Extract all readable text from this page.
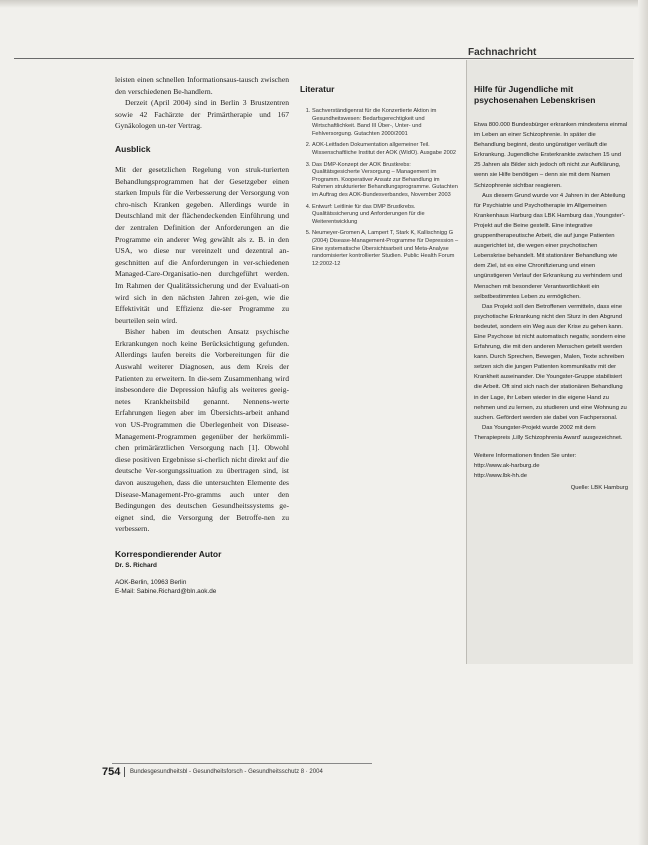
Fachnachricht

leisten einen schnellen Informationsaus-tausch zwischen den verschiedenen Be-handlern.

Derzeit (April 2004) sind in Berlin 3 Brustzentren sowie 42 Fachärzte der Primärtherapie und 167 Gynäkologen un-ter Vertrag.

Ausblick

Mit der gesetzlichen Regelung von struk-turierten Behandlungsprogrammen hat der Gesetzgeber einen starken Impuls für die Verbesserung der Versorgung von chro-nisch Kranken gegeben. Allerdings wurde in Deutschland mit der flächendeckenden Einführung und der zentralen Definition der Anforderungen an die Programme ein anderer Weg gewählt als z. B. in den USA, wo diese nur vereinzelt und dezentral an-geschnitten auf die Anforderungen in ver-schiedenen Managed-Care-Organisatio-nen durchgeführt werden. Im Rahmen der Qualitätssicherung und der Evaluati-on wird sich in den nächsten Jahren zei-gen, wie die Effektivität und Effizienz die-ser Programme zu beurteilen sein wird.

Bisher haben im deutschen Ansatz psychische Erkrankungen noch keine Berücksichtigung gefunden. Allerdings laufen bereits die Vorbereitungen für die Auswahl weiterer Diagnosen, aus dem Kreis der Patienten zu erweitern. In die-sem Zusammenhang wird insbesondere die Depression häufig als weiteres geeig-netes Krankheitsbild genannt. Nennens-werte Erfahrungen liegen aber im Übersichts-arbeit anhand von US-Programmen die Überlegenheit von Disease-Management-Programmen gegenüber der herkömmli-chen primärärztlichen Versorgung nach [1]. Obwohl diese positiven Ergebnisse si-cherlich nicht direkt auf die deutsche Ver-sorgungssituation zu übertragen sind, ist davon auszugehen, dass die untersuchten Elemente des Disease-Management-Pro-gramms auch unter den Bedingungen des deutschen Gesundheitssystems ge-eignet sind, die Versorgung der Betroffe-nen zu verbessern.

Korrespondierender Autor

Dr. S. Richard

AOK-Berlin, 10963 Berlin

E-Mail: Sabine.Richard@bln.aok.de

Literatur
1. Sachverständigenrat für die Konzertierte Aktion im Gesundheitswesen: Bedarfsgerechtigkeit und Wirtschaftlichkeit. Band III Über-, Unter- und Fehlversorgung. Gutachten 2000/2001
2. AOK-Leitfaden Dokumentation allgemeiner Teil. Wissenschaftliche Institut der AOK (WIdO). Ausgabe 2002
3. Das DMP-Konzept der AOK Brustkrebs: Qualitätsgesicherte Versorgung – Management im Programm. Kooperativer Ansatz zur Behandlung im Rahmen strukturierter Behandlungsprogramme. Gutachten im Auftrag des AOK-Bundesverbandes, November 2003
4. Entwurf: Leitlinie für das DMP Brustkrebs. Qualitätssicherung und Anforderungen für die Weiterentwicklung
5. Neumeyer-Gromen A, Lampert T, Stark K, Kallischnigg G (2004) Disease-Management-Programme für Depression – Eine systematische Übersichtsarbeit und Meta-Analyse randomisierter kontrollierter Studien. Public Health Forum 12:2002-12
Hilfe für Jugendliche mit psychosenahen Lebenskrisen

Etwa 800.000 Bundesbürger erkranken mindestens einmal im Leben an einer Schizophrenie. In später die Behandlung beginnt, desto ungünstiger verläuft die Erkrankung. Jugendliche Ersterkrankte zwischen 15 und 25 Jahren als Bilder sich jedoch oft nicht zur Aufklärung, wenn sie Hilfe benötigen – denn sie mit dem Namen Schizophrenie sichtbar reagieren.

Aus diesem Grund wurde vor 4 Jahren in der Abteilung für Psychiatrie und Psychotherapie im Allgemeinen Krankenhaus Harburg das LBK Hamburg das ‚Youngster'-Projekt auf die Beine gestellt. Eine integrative gruppentherapeutische Arbeit, die auf junge Patienten ausgerichtet ist, die wegen einer psychotischen Lebenskrise behandelt. Mit stationärer Behandlung wie dem Ziel, ist es eine Chronifizierung und einen ungünstigeren Verlauf der Erkrankung zu verhindern und Menschen mit besonderer Verantwortlichkeit ein selbstbestimmtes Leben zu ermöglichen.

Das Projekt soll den Betroffenen vermitteln, dass eine psychotische Erkrankung nicht den Sturz in den Abgrund bedeutet, sondern ein Weg aus der Krise zu gehen kann. Eine Psychose ist nicht automatisch negativ, sondern eine Erfahrung, die mit den anderen Menschen geteilt werden kann. Durch Sprechen, Bewegen, Malen, Texte schreiben setzen sich die jungen Patienten kommunikativ mit der Krankheit auseinander. Die Youngster-Gruppe stabilisiert die Arbeit. Oft sind sich nach der stationären Behandlung in der Lage, ihr Leben wieder in die eigene Hand zu nehmen und zu lernen, zu studieren und eine Wohnung zu suchen. Gefördert werden sie dabei von Fachpersonal.

Das Youngster-Projekt wurde 2002 mit dem Therapiepreis ‚Lilly Schizophrenia Award' ausgezeichnet.

Weitere Informationen finden Sie unter:
http://www.ak-harburg.de
http://www.lbk-hh.de
Quelle: LBK Hamburg
754 Bundesgesundheitsbl - Gesundheitsforsch - Gesundheitsschutz 8 · 2004
